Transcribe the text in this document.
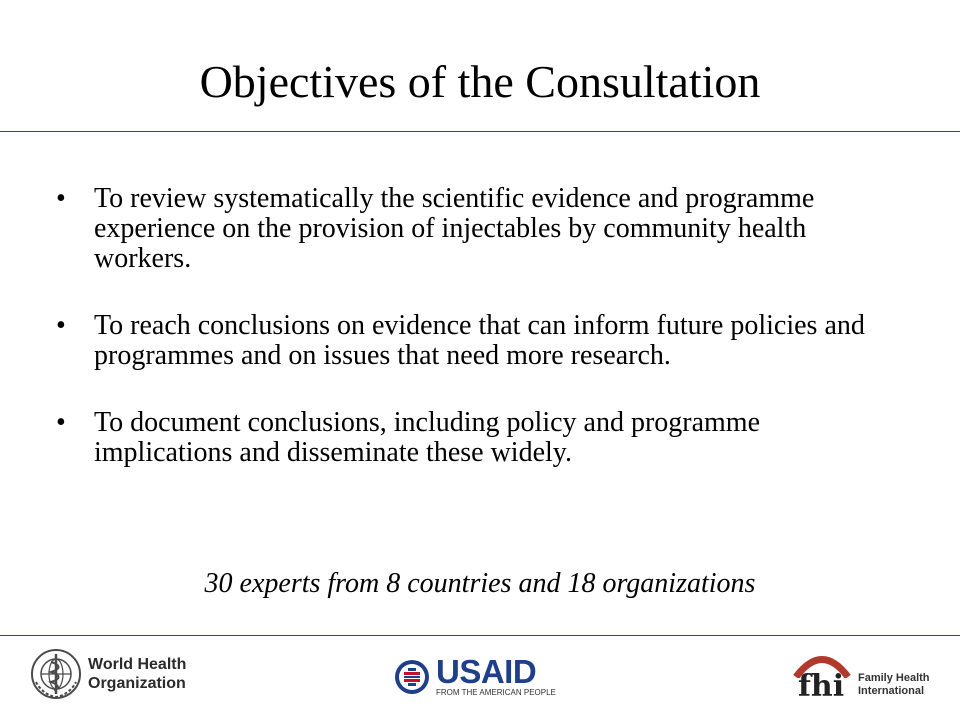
Objectives of the Consultation
• To review systematically the scientific evidence and programme experience on the provision of injectables by community health workers.
• To reach conclusions on evidence that can inform future policies and programmes and on issues that need more research.
• To document conclusions, including policy and programme implications and disseminate these widely.
30 experts from 8 countries and 18 organizations
World Health
Organization	USAID
FROM THE AMERICAN PEOPLE	fhi Family Health
International
